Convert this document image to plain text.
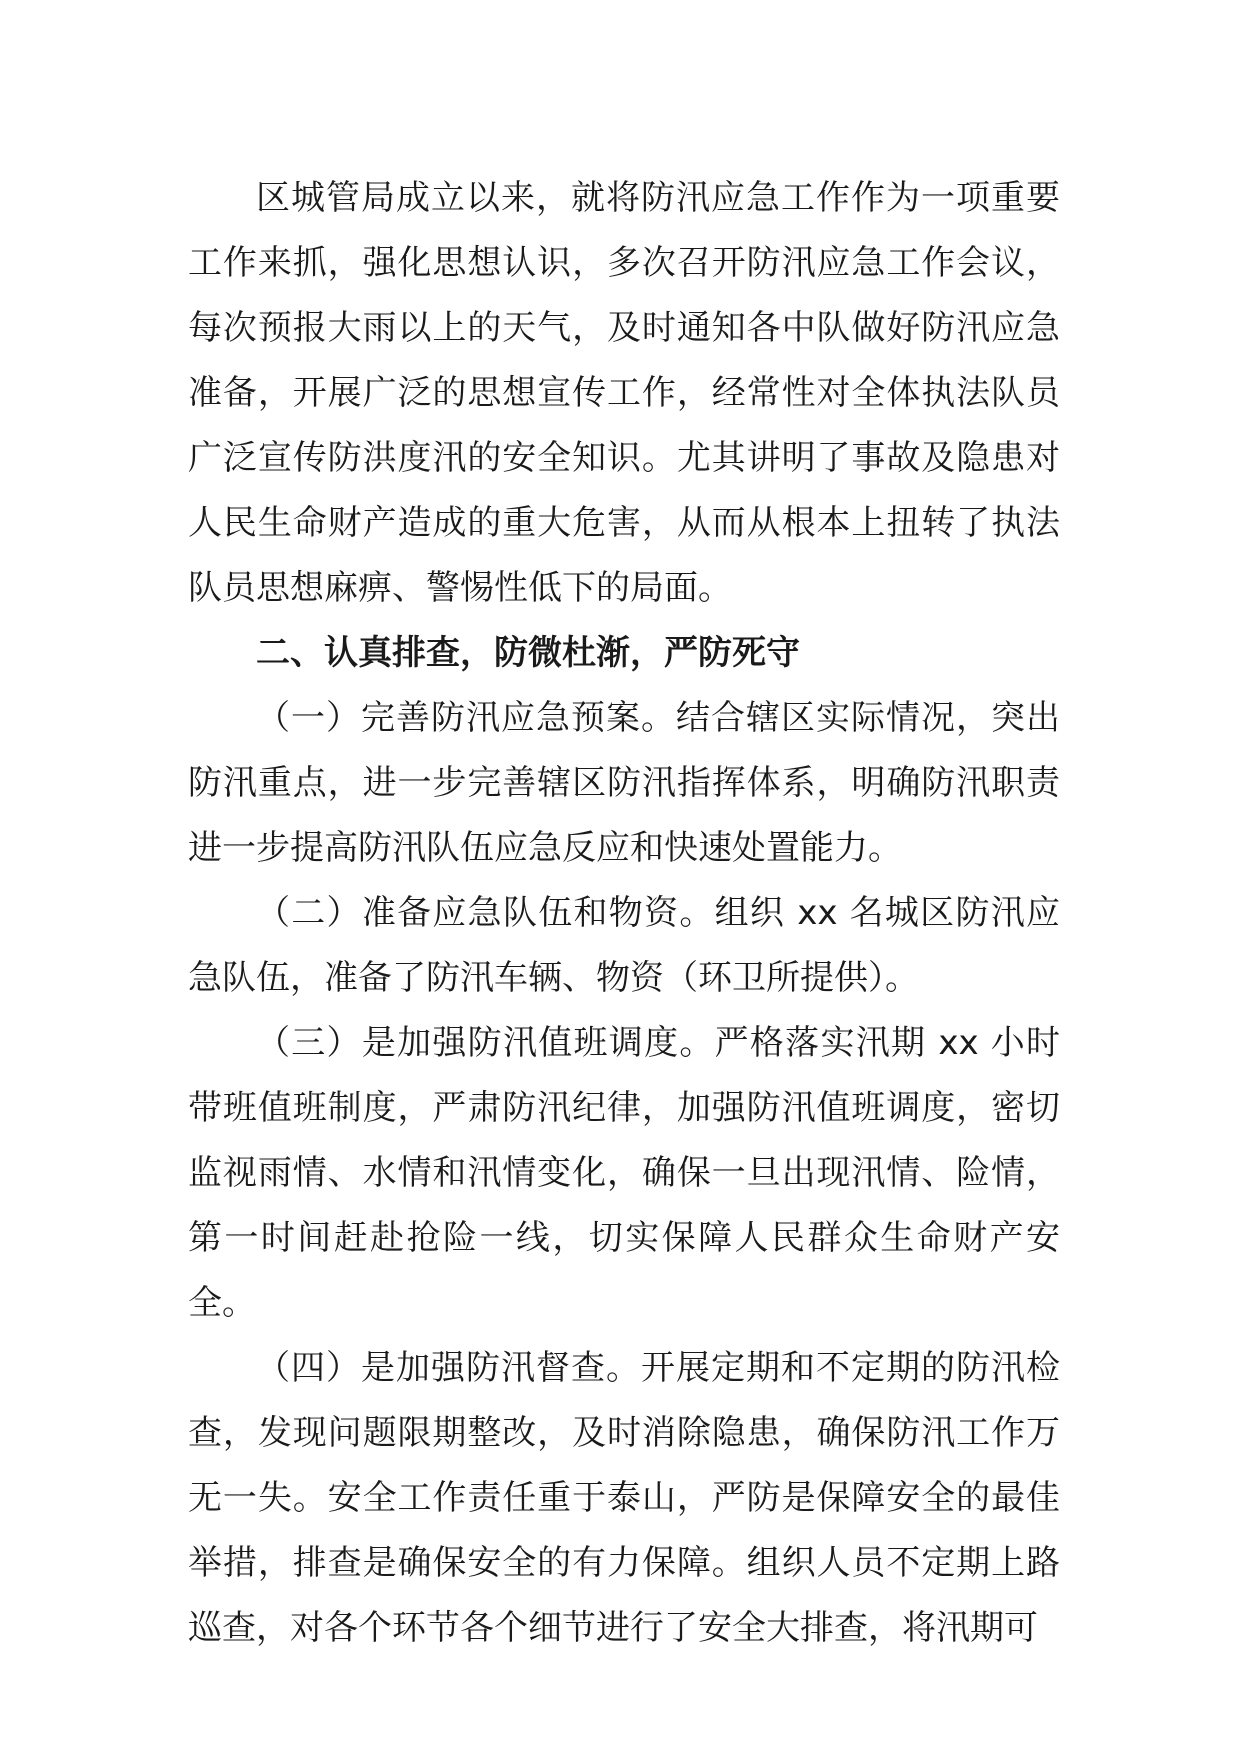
区城管局成立以来，就将防汛应急工作作为一项重要工作来抓，强化思想认识，多次召开防汛应急工作会议，每次预报大雨以上的天气，及时通知各中队做好防汛应急准备，开展广泛的思想宣传工作，经常性对全体执法队员广泛宣传防洪度汛的安全知识。尤其讲明了事故及隐患对人民生命财产造成的重大危害，从而从根本上扭转了执法队员思想麻痹、警惕性低下的局面。

二、认真排查，防微杜渐，严防死守

（一）完善防汛应急预案。结合辖区实际情况，突出防汛重点，进一步完善辖区防汛指挥体系，明确防汛职责进一步提高防汛队伍应急反应和快速处置能力。

（二）准备应急队伍和物资。组织 xx 名城区防汛应急队伍，准备了防汛车辆、物资（环卫所提供）。

（三）是加强防汛值班调度。严格落实汛期 xx 小时带班值班制度，严肃防汛纪律，加强防汛值班调度，密切监视雨情、水情和汛情变化，确保一旦出现汛情、险情，第一时间赶赴抢险一线，切实保障人民群众生命财产安全。

（四）是加强防汛督查。开展定期和不定期的防汛检查，发现问题限期整改，及时消除隐患，确保防汛工作万无一失。安全工作责任重于泰山，严防是保障安全的最佳举措，排查是确保安全的有力保障。组织人员不定期上路巡查，对各个环节各个细节进行了安全大排查，将汛期可
